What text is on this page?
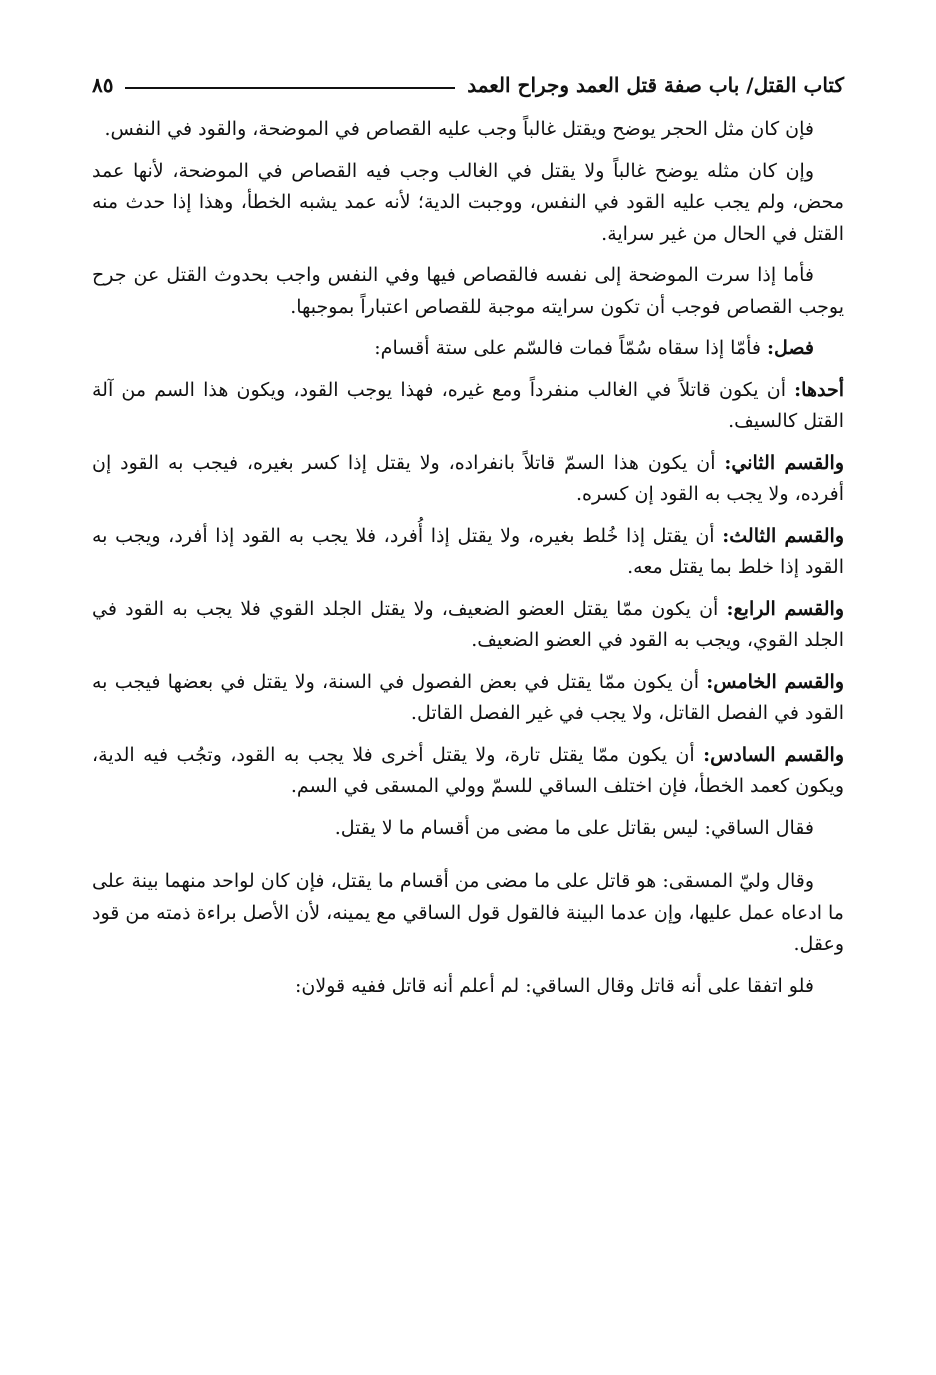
كتاب القتل/ باب صفة قتل العمد وجراح العمد
٨٥

فإن كان مثل الحجر يوضح ويقتل غالباً وجب عليه القصاص في الموضحة، والقود في النفس.

وإن كان مثله يوضح غالباً ولا يقتل في الغالب وجب فيه القصاص في الموضحة، لأنها عمد محض، ولم يجب عليه القود في النفس، ووجبت الدية؛ لأنه عمد يشبه الخطأ، وهذا إذا حدث منه القتل في الحال من غير سراية.

فأما إذا سرت الموضحة إلى نفسه فالقصاص فيها وفي النفس واجب بحدوث القتل عن جرح يوجب القصاص فوجب أن تكون سرايته موجبة للقصاص اعتباراً بموجبها.

فصل: فأمّا إذا سقاه سُمّاً فمات فالسّم على ستة أقسام:

أحدها: أن يكون قاتلاً في الغالب منفرداً ومع غيره، فهذا يوجب القود، ويكون هذا السم من آلة القتل كالسيف.

والقسم الثاني: أن يكون هذا السمّ قاتلاً بانفراده، ولا يقتل إذا كسر بغيره، فيجب به القود إن أفرده، ولا يجب به القود إن كسره.

والقسم الثالث: أن يقتل إذا خُلط بغيره، ولا يقتل إذا أُفرد، فلا يجب به القود إذا أفرد، ويجب به القود إذا خلط بما يقتل معه.

والقسم الرابع: أن يكون ممّا يقتل العضو الضعيف، ولا يقتل الجلد القوي فلا يجب به القود في الجلد القوي، ويجب به القود في العضو الضعيف.

والقسم الخامس: أن يكون ممّا يقتل في بعض الفصول في السنة، ولا يقتل في بعضها فيجب به القود في الفصل القاتل، ولا يجب في غير الفصل القاتل.

والقسم السادس: أن يكون ممّا يقتل تارة، ولا يقتل أخرى فلا يجب به القود، وتجُب فيه الدية، ويكون كعمد الخطأ، فإن اختلف الساقي للسمّ وولي المسقى في السم.

فقال الساقي: ليس بقاتل على ما مضى من أقسام ما لا يقتل.

وقال وليّ المسقى: هو قاتل على ما مضى من أقسام ما يقتل، فإن كان لواحد منهما بينة على ما ادعاه عمل عليها، وإن عدما البينة فالقول قول الساقي مع يمينه، لأن الأصل براءة ذمته من قود وعقل.

فلو اتفقا على أنه قاتل وقال الساقي: لم أعلم أنه قاتل ففيه قولان:
